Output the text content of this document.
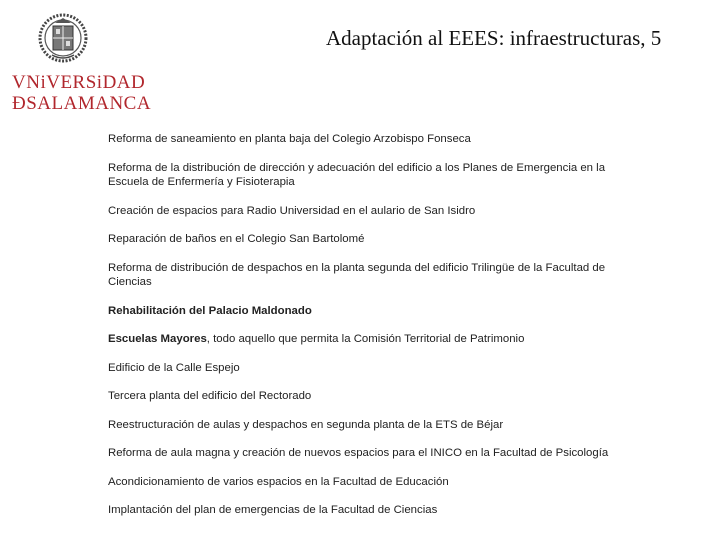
VNiVERSiDAD
ÐSALAMANCA
Adaptación al EEES: infraestructuras, 5

Reforma de saneamiento en planta baja del Colegio Arzobispo Fonseca

Reforma de la distribución de dirección y adecuación del edificio a los Planes de Emergencia en la Escuela de Enfermería y Fisioterapia

Creación de espacios para Radio Universidad en el aulario de San Isidro

Reparación de baños en el Colegio San Bartolomé

Reforma de distribución de despachos en la planta segunda del edificio Trilingüe de la Facultad de Ciencias

Rehabilitación del Palacio Maldonado

Escuelas Mayores, todo aquello que permita la Comisión Territorial de Patrimonio

Edificio de la Calle Espejo

Tercera planta del edificio del Rectorado

Reestructuración de aulas y despachos en segunda planta de la ETS de Béjar

Reforma de aula magna y creación de nuevos espacios para el INICO en la Facultad de Psicología

Acondicionamiento de varios espacios en la Facultad de Educación

Implantación del plan de emergencias de la Facultad de Ciencias
